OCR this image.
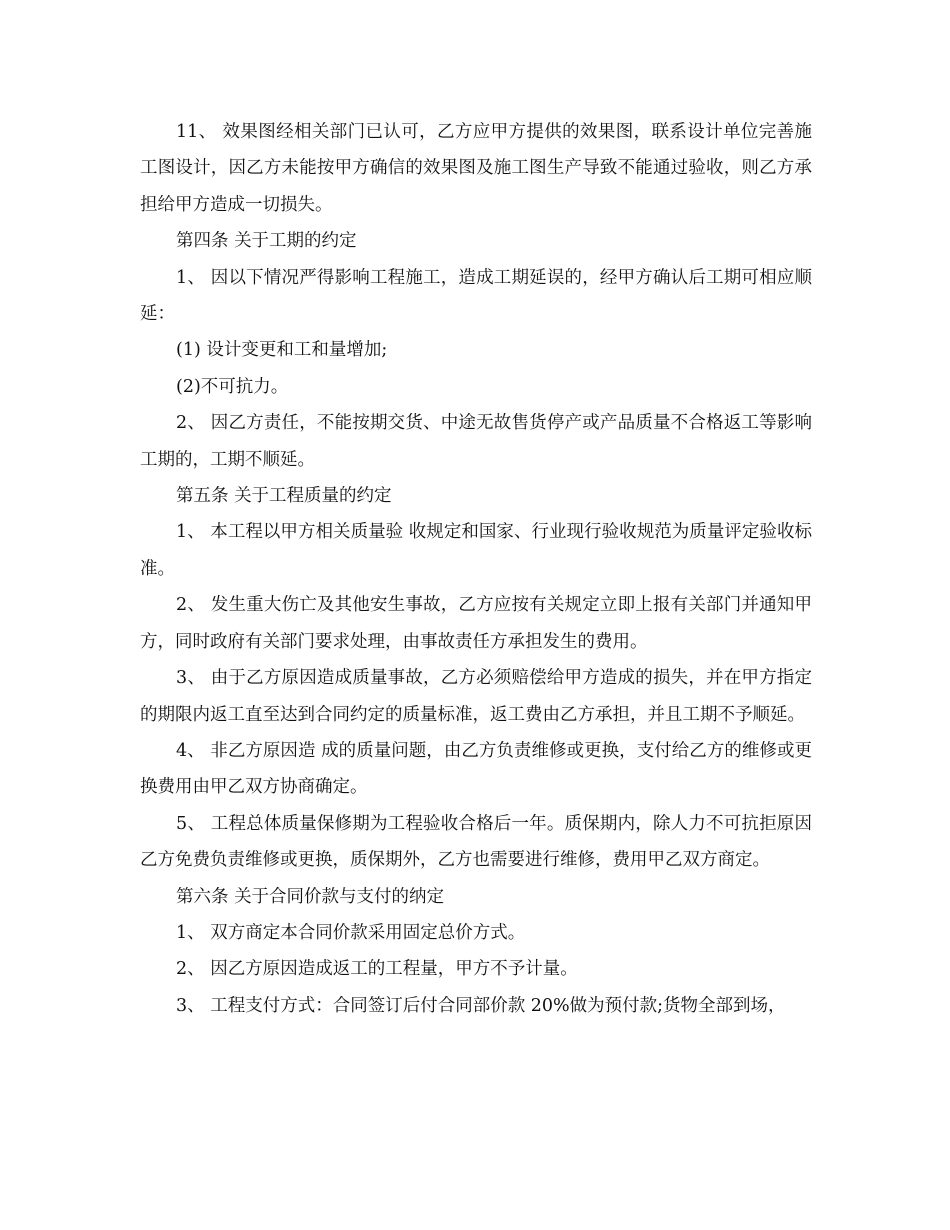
11、 效果图经相关部门已认可，乙方应甲方提供的效果图，联系设计单位完善施工图设计，因乙方未能按甲方确信的效果图及施工图生产导致不能通过验收，则乙方承担给甲方造成一切损失。

第四条 关于工期的约定

1、 因以下情况严得影响工程施工，造成工期延误的，经甲方确认后工期可相应顺延：

(1) 设计变更和工和量增加;

(2)不可抗力。

2、 因乙方责任，不能按期交货、中途无故售货停产或产品质量不合格返工等影响工期的，工期不顺延。

第五条 关于工程质量的约定

1、 本工程以甲方相关质量验 收规定和国家、行业现行验收规范为质量评定验收标准。

2、 发生重大伤亡及其他安生事故，乙方应按有关规定立即上报有关部门并通知甲方，同时政府有关部门要求处理，由事故责任方承担发生的费用。

3、 由于乙方原因造成质量事故，乙方必须赔偿给甲方造成的损失，并在甲方指定的期限内返工直至达到合同约定的质量标准，返工费由乙方承担，并且工期不予顺延。

4、 非乙方原因造 成的质量问题，由乙方负责维修或更换，支付给乙方的维修或更换费用由甲乙双方协商确定。

5、 工程总体质量保修期为工程验收合格后一年。质保期内，除人力不可抗拒原因乙方免费负责维修或更换，质保期外，乙方也需要进行维修，费用甲乙双方商定。

第六条 关于合同价款与支付的纳定

1、 双方商定本合同价款采用固定总价方式。

2、 因乙方原因造成返工的工程量，甲方不予计量。

3、 工程支付方式：合同签订后付合同部价款 20%做为预付款;货物全部到场，
